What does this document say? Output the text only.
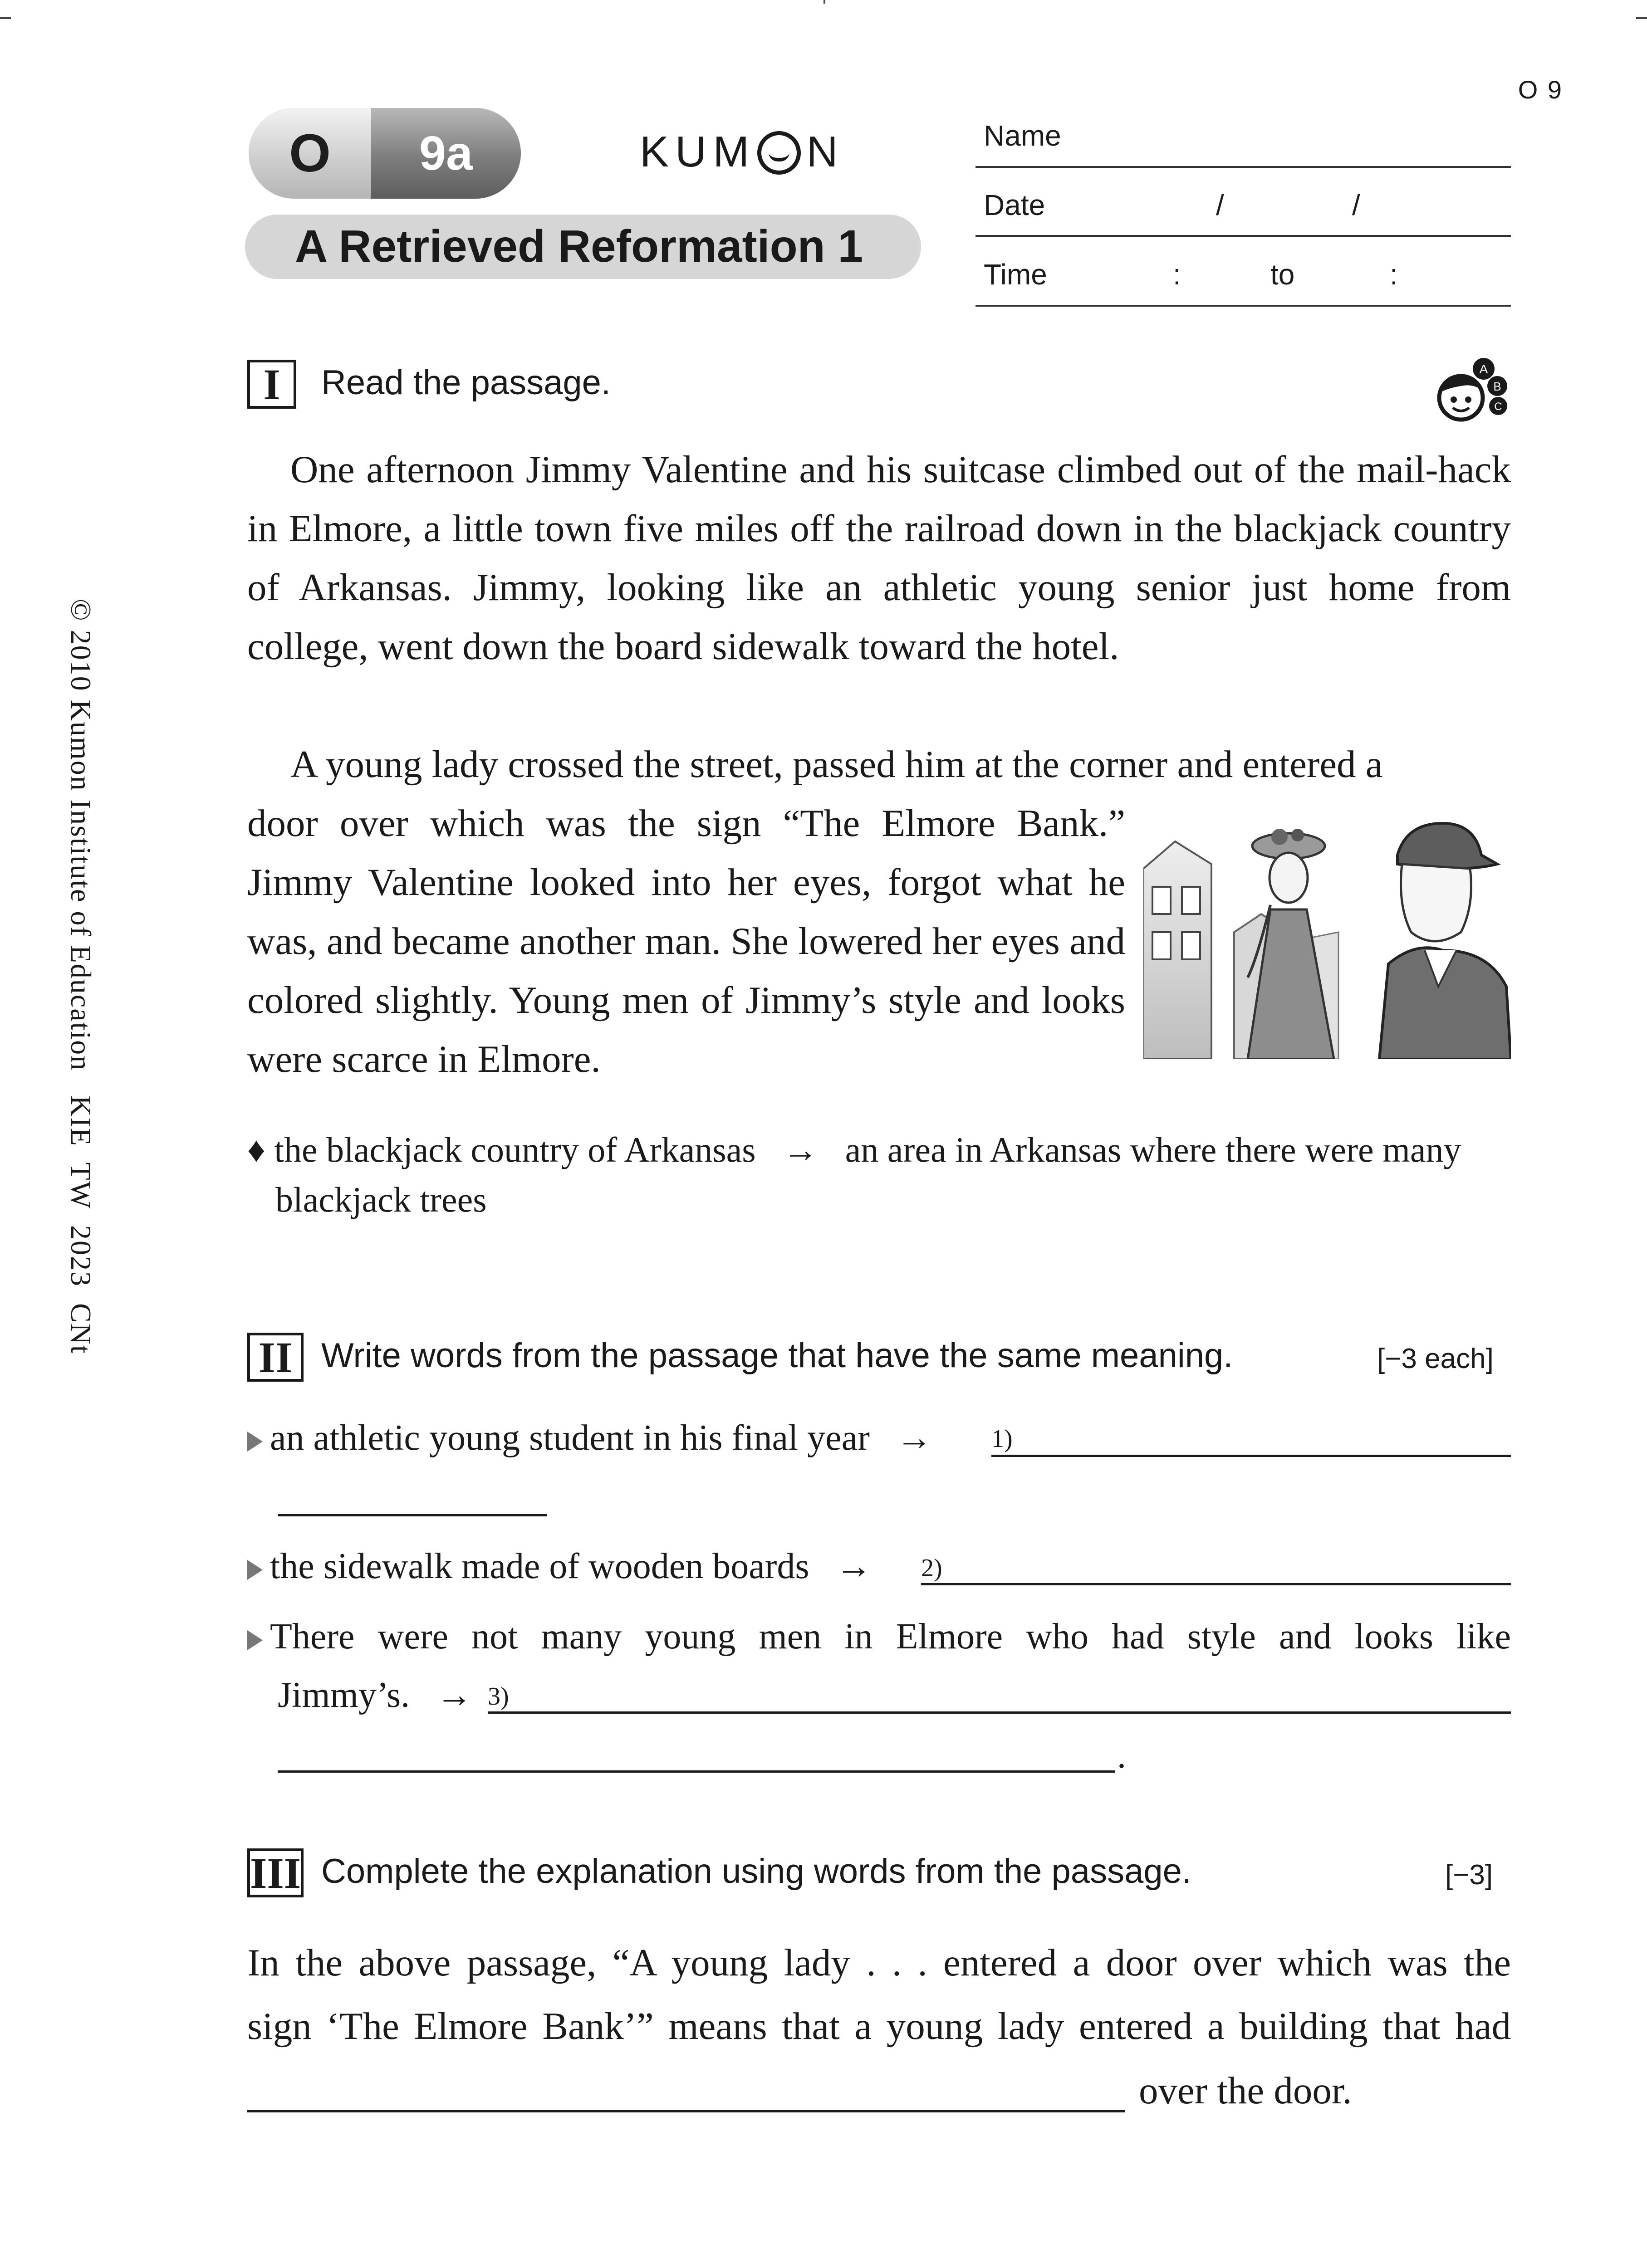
O 9
O	9a	KUM N
A Retrieved Reformation 1
Name
Date	/	/
Time	:	to	:
I	Read the passage.	A
B
C
One afternoon Jimmy Valentine and his suitcase climbed out of the mail-hack in Elmore, a little town five miles off the railroad down in the blackjack country of Arkansas. Jimmy, looking like an athletic young senior just home from college, went down the board sidewalk toward the hotel.
A young lady crossed the street, passed him at the corner and entered a
door over which was the sign “The Elmore Bank.” Jimmy Valentine looked into her eyes, forgot what he was, and became another man. She lowered her eyes and colored slightly. Young men of Jimmy’s style and looks were scarce in Elmore.
♦ the blackjack country of Arkansas → an area in Arkansas where there were many blackjack trees
II Write words from the passage that have the same meaning.	[−3 each]
an athletic young student in his final year → 1)
the sidewalk made of wooden boards → 2)
There were not many young men in Elmore who had style and looks like
Jimmy’s. → 3)
.
III Complete the explanation using words from the passage.	[−3]
In the above passage, “A young lady . . . entered a door over which was the
sign ‘The Elmore Bank’” means that a young lady entered a building that had
over the door.
© 2010 Kumon Institute of Education   KIE  TW  2023  CNt
